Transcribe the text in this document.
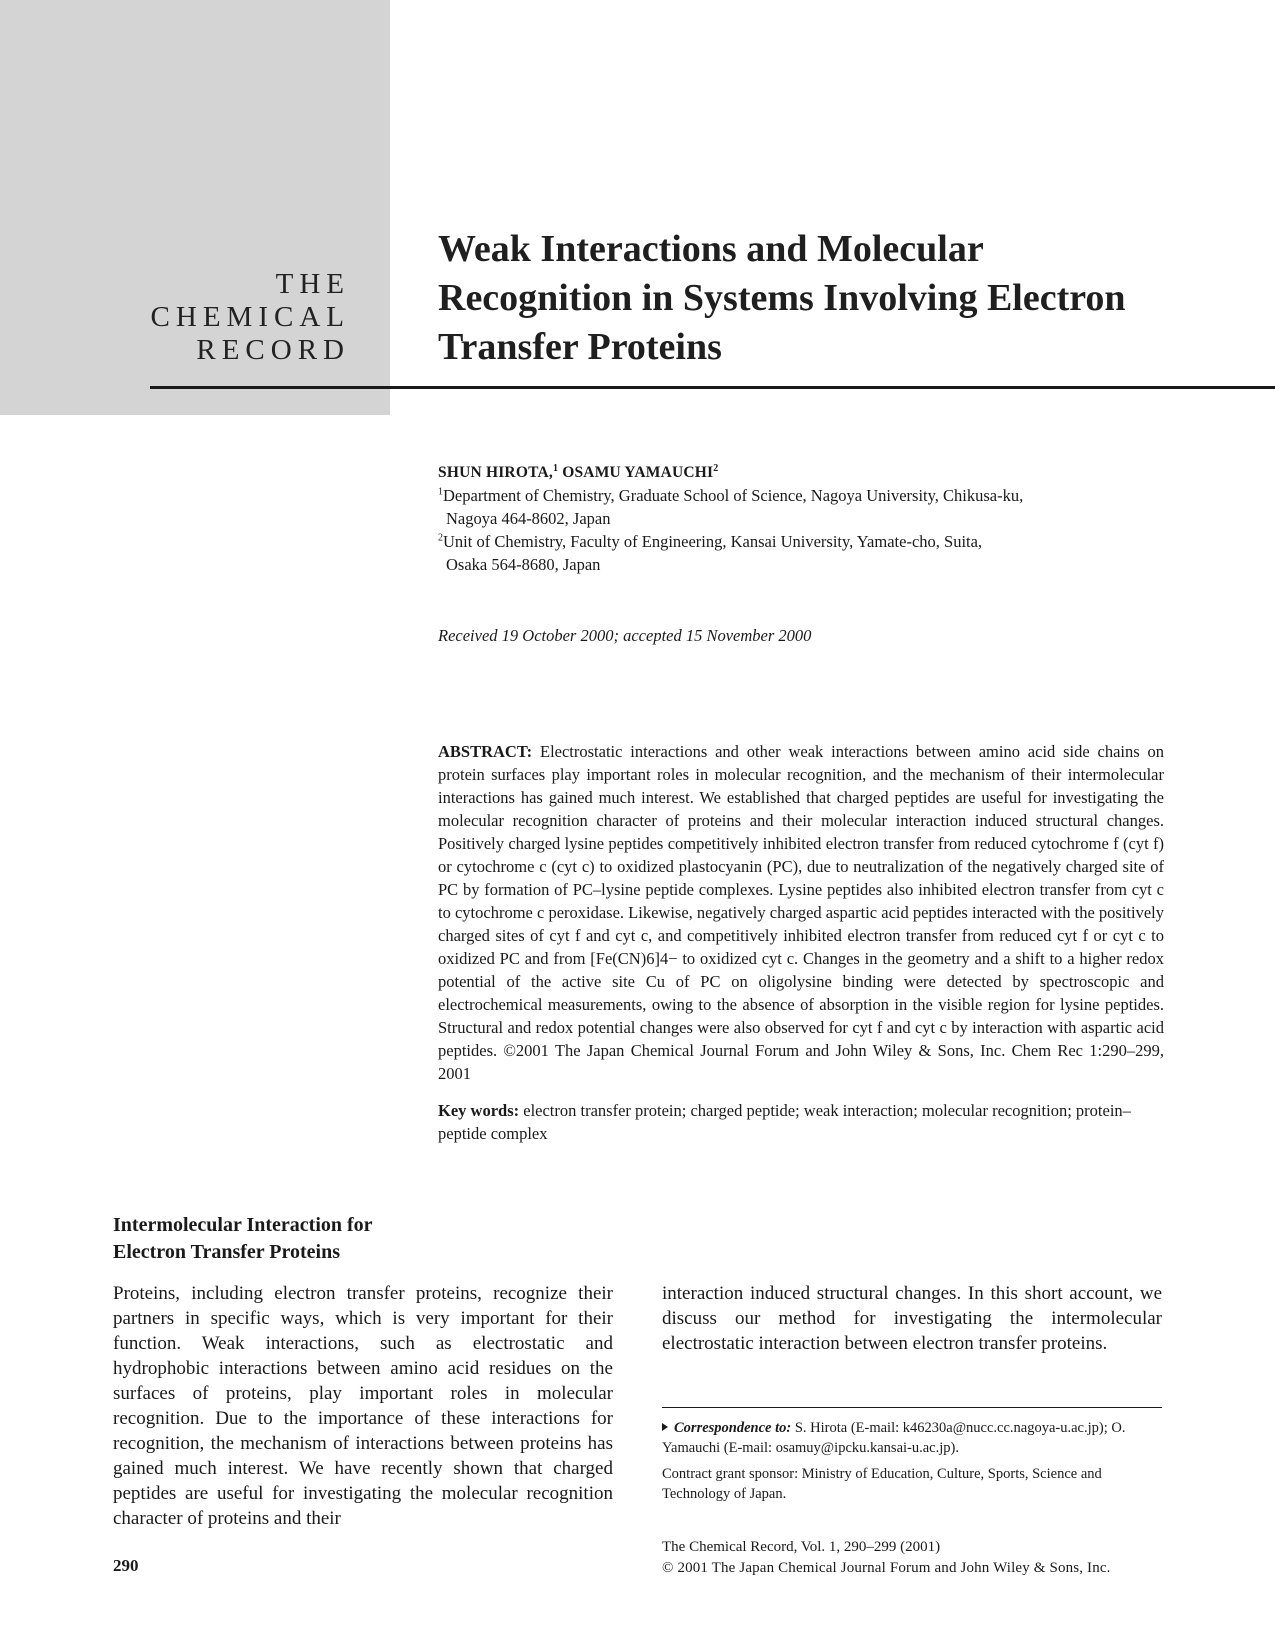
THE
CHEMICAL
RECORD
Weak Interactions and Molecular
Recognition in Systems Involving Electron
Transfer Proteins
SHUN HIROTA,$^1$ OSAMU YAMAUCHI$^2$
$^1$Department of Chemistry, Graduate School of Science, Nagoya University, Chikusa-ku,
Nagoya 464-8602, Japan
$^2$Unit of Chemistry, Faculty of Engineering, Kansai University, Yamate-cho, Suita,
Osaka 564-8680, Japan
Received 19 October 2000; accepted 15 November 2000

ABSTRACT: Electrostatic interactions and other weak interactions between amino acid side chains on protein surfaces play important roles in molecular recognition, and the mechanism of their intermolecular interactions has gained much interest. We established that charged peptides are useful for investigating the molecular recognition character of proteins and their molecular interaction induced structural changes. Positively charged lysine peptides competitively inhibited electron transfer from reduced cytochrome f (cyt f) or cytochrome c (cyt c) to oxidized plastocyanin (PC), due to neutralization of the negatively charged site of PC by formation of PC–lysine peptide complexes. Lysine peptides also inhibited electron transfer from cyt c to cytochrome c peroxidase. Likewise, negatively charged aspartic acid peptides interacted with the positively charged sites of cyt f and cyt c, and competitively inhibited electron transfer from reduced cyt f or cyt c to oxidized PC and from [Fe(CN)6]4− to oxidized cyt c. Changes in the geometry and a shift to a higher redox potential of the active site Cu of PC on oligolysine binding were detected by spectroscopic and electrochemical measurements, owing to the absence of absorption in the visible region for lysine peptides. Structural and redox potential changes were also observed for cyt f and cyt c by interaction with aspartic acid peptides. ©2001 The Japan Chemical Journal Forum and John Wiley & Sons, Inc. Chem Rec 1:290–299, 2001

Key words: electron transfer protein; charged peptide; weak interaction; molecular recognition; protein–peptide complex
Intermolecular Interaction for
Electron Transfer Proteins

Proteins, including electron transfer proteins, recognize their partners in specific ways, which is very important for their function. Weak interactions, such as electrostatic and hydrophobic interactions between amino acid residues on the surfaces of proteins, play important roles in molecular recognition. Due to the importance of these interactions for recognition, the mechanism of interactions between proteins has gained much interest. We have recently shown that charged peptides are useful for investigating the molecular recognition character of proteins and their

interaction induced structural changes. In this short account, we discuss our method for investigating the intermolecular electrostatic interaction between electron transfer proteins.

Correspondence to: S. Hirota (E-mail: k46230a@nucc.cc.nagoya-u.ac.jp); O. Yamauchi (E-mail: osamuy@ipcku.kansai-u.ac.jp).

Contract grant sponsor: Ministry of Education, Culture, Sports, Science and Technology of Japan.

290
The Chemical Record, Vol. 1, 290–299 (2001)
© 2001 The Japan Chemical Journal Forum and John Wiley & Sons, Inc.
